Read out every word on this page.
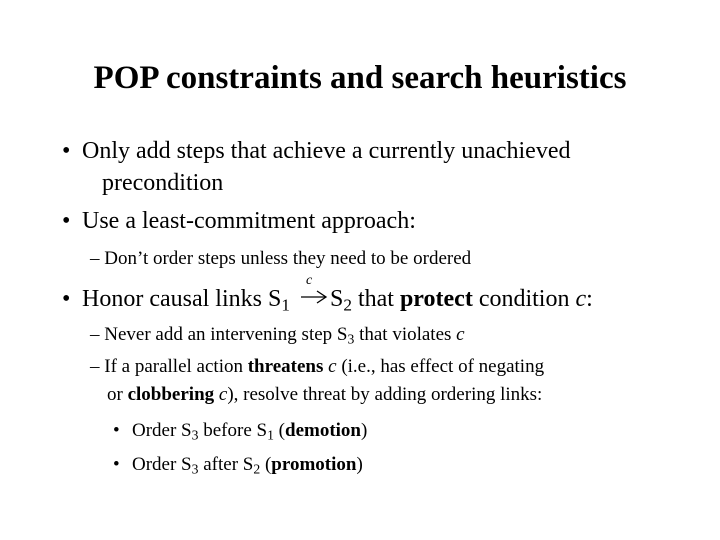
POP constraints and search heuristics
• Only add steps that achieve a currently unachieved
precondition
• Use a least-commitment approach:
– Don’t order steps unless they need to be ordered
• Honor causal links $S_1$
c
$S_2$ that protect condition c:
– Never add an intervening step $S_3$ that violates c
– If a parallel action threatens c (i.e., has effect of negating
or clobbering c), resolve threat by adding ordering links:
• Order $S_3$ before $S_1$ (demotion)
• Order $S_3$ after $S_2$ (promotion)
